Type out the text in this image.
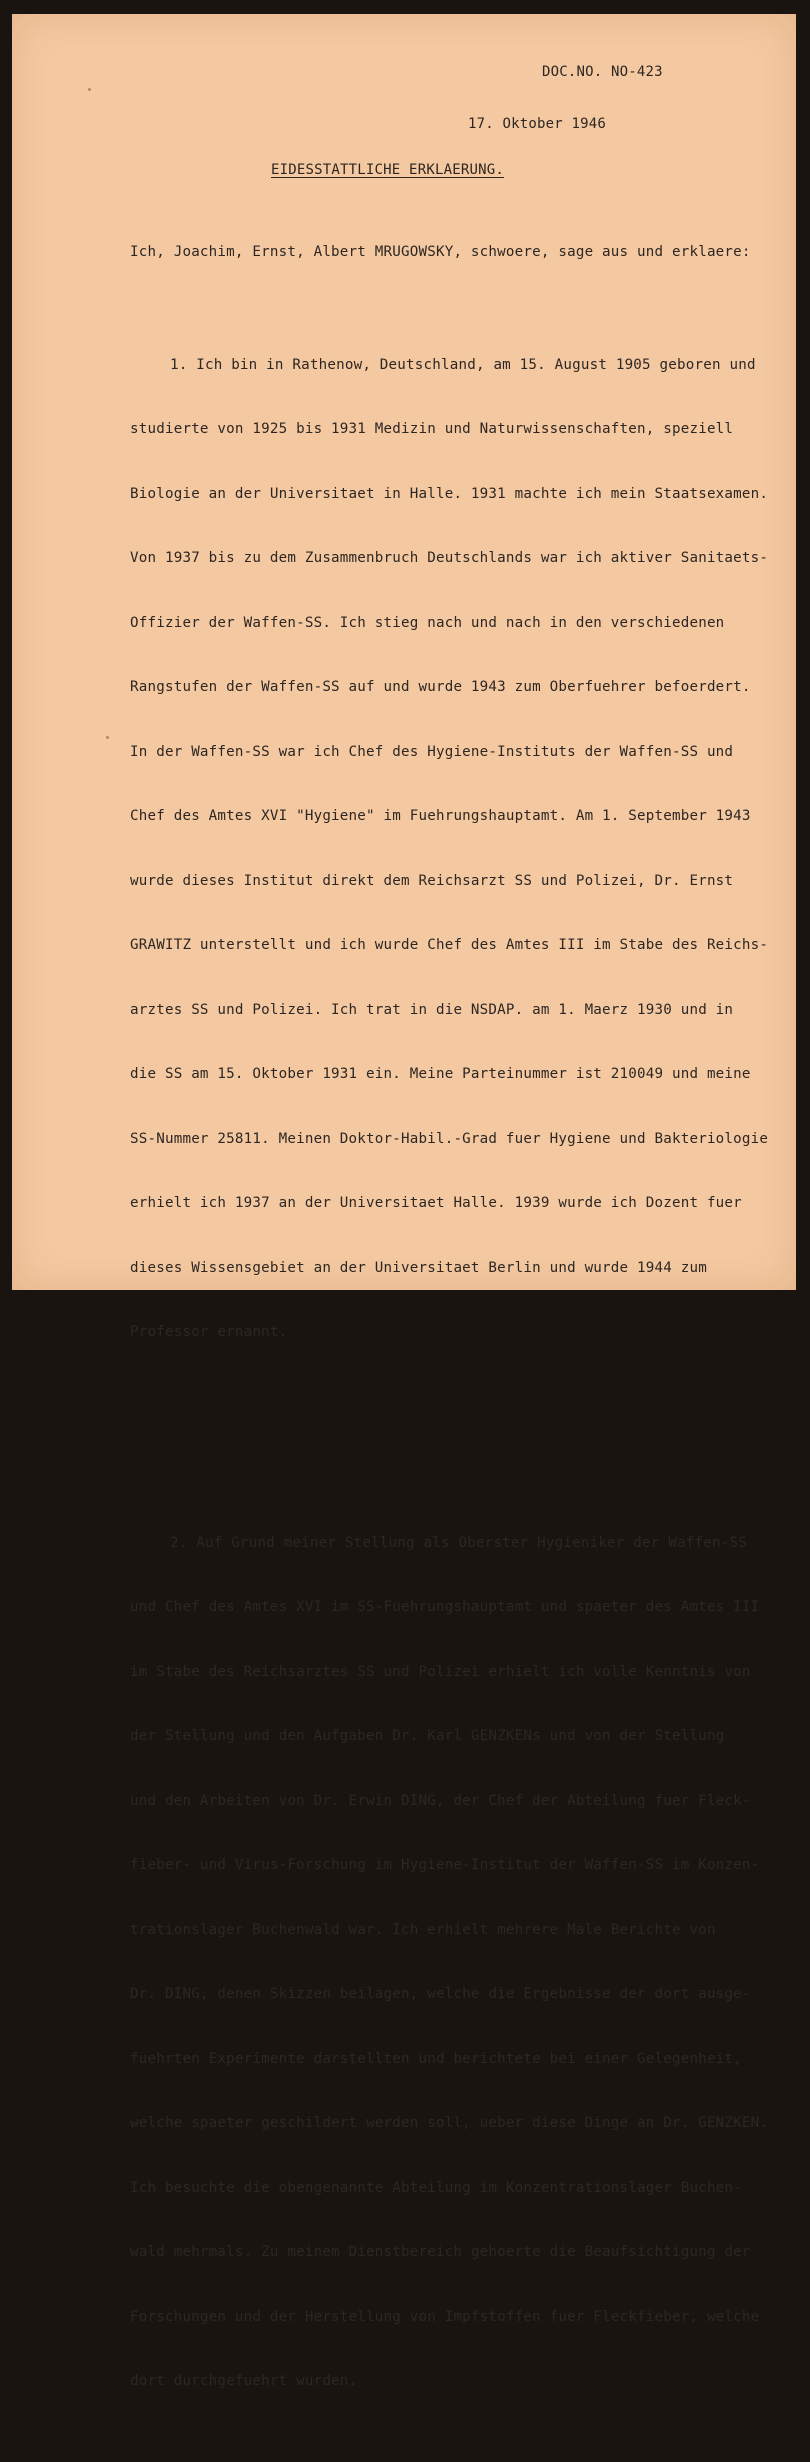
DOC.NO. NO-423
17. Oktober 1946
EIDESSTATTLICHE ERKLAERUNG.

Ich, Joachim, Ernst, Albert MRUGOWSKY, schwoere, sage aus und erklaere:

1. Ich bin in Rathenow, Deutschland, am 15. August 1905 geboren und

studierte von 1925 bis 1931 Medizin und Naturwissenschaften, speziell

Biologie an der Universitaet in Halle. 1931 machte ich mein Staatsexamen.

Von 1937 bis zu dem Zusammenbruch Deutschlands war ich aktiver Sanitaets-

Offizier der Waffen-SS. Ich stieg nach und nach in den verschiedenen

Rangstufen der Waffen-SS auf und wurde 1943 zum Oberfuehrer befoerdert.

In der Waffen-SS war ich Chef des Hygiene-Instituts der Waffen-SS und

Chef des Amtes XVI "Hygiene" im Fuehrungshauptamt. Am 1. September 1943

wurde dieses Institut direkt dem Reichsarzt SS und Polizei, Dr. Ernst

GRAWITZ unterstellt und ich wurde Chef des Amtes III im Stabe des Reichs-

arztes SS und Polizei. Ich trat in die NSDAP. am 1. Maerz 1930 und in

die SS am 15. Oktober 1931 ein. Meine Parteinummer ist 210049 und meine

SS-Nummer 25811. Meinen Doktor-Habil.-Grad fuer Hygiene und Bakteriologie

erhielt ich 1937 an der Universitaet Halle. 1939 wurde ich Dozent fuer

dieses Wissensgebiet an der Universitaet Berlin und wurde 1944 zum

Professor ernannt.

2. Auf Grund meiner Stellung als Oberster Hygieniker der Waffen-SS

und Chef des Amtes XVI im SS-Fuehrungshauptamt und spaeter des Amtes III

im Stabe des Reichsarztes SS und Polizei erhielt ich volle Kenntnis von

der Stellung und den Aufgaben Dr. Karl GENZKENs und von der Stellung

und den Arbeiten von Dr. Erwin DING, der Chef der Abteilung fuer Fleck-

fieber- und Virus-Forschung im Hygiene-Institut der Waffen-SS im Konzen-

trationslager Buchenwald war. Ich erhielt mehrere Male Berichte von

Dr. DING, denen Skizzen beilagen, welche die Ergebnisse der dort ausge-

fuehrten Experimente darstellten und berichtete bei einer Gelegenheit,

welche spaeter geschildert werden soll, ueber diese Dinge an Dr. GENZKEN.

Ich besuchte die obengenannte Abteilung im Konzentrationslager Buchen-

wald mehrmals. Zu meinem Dienstbereich gehoerte die Beaufsichtigung der

Forschungen und der Herstellung von Impfstoffen fuer Fleckfieber, welche

dort durchgefuehrt wurden.
